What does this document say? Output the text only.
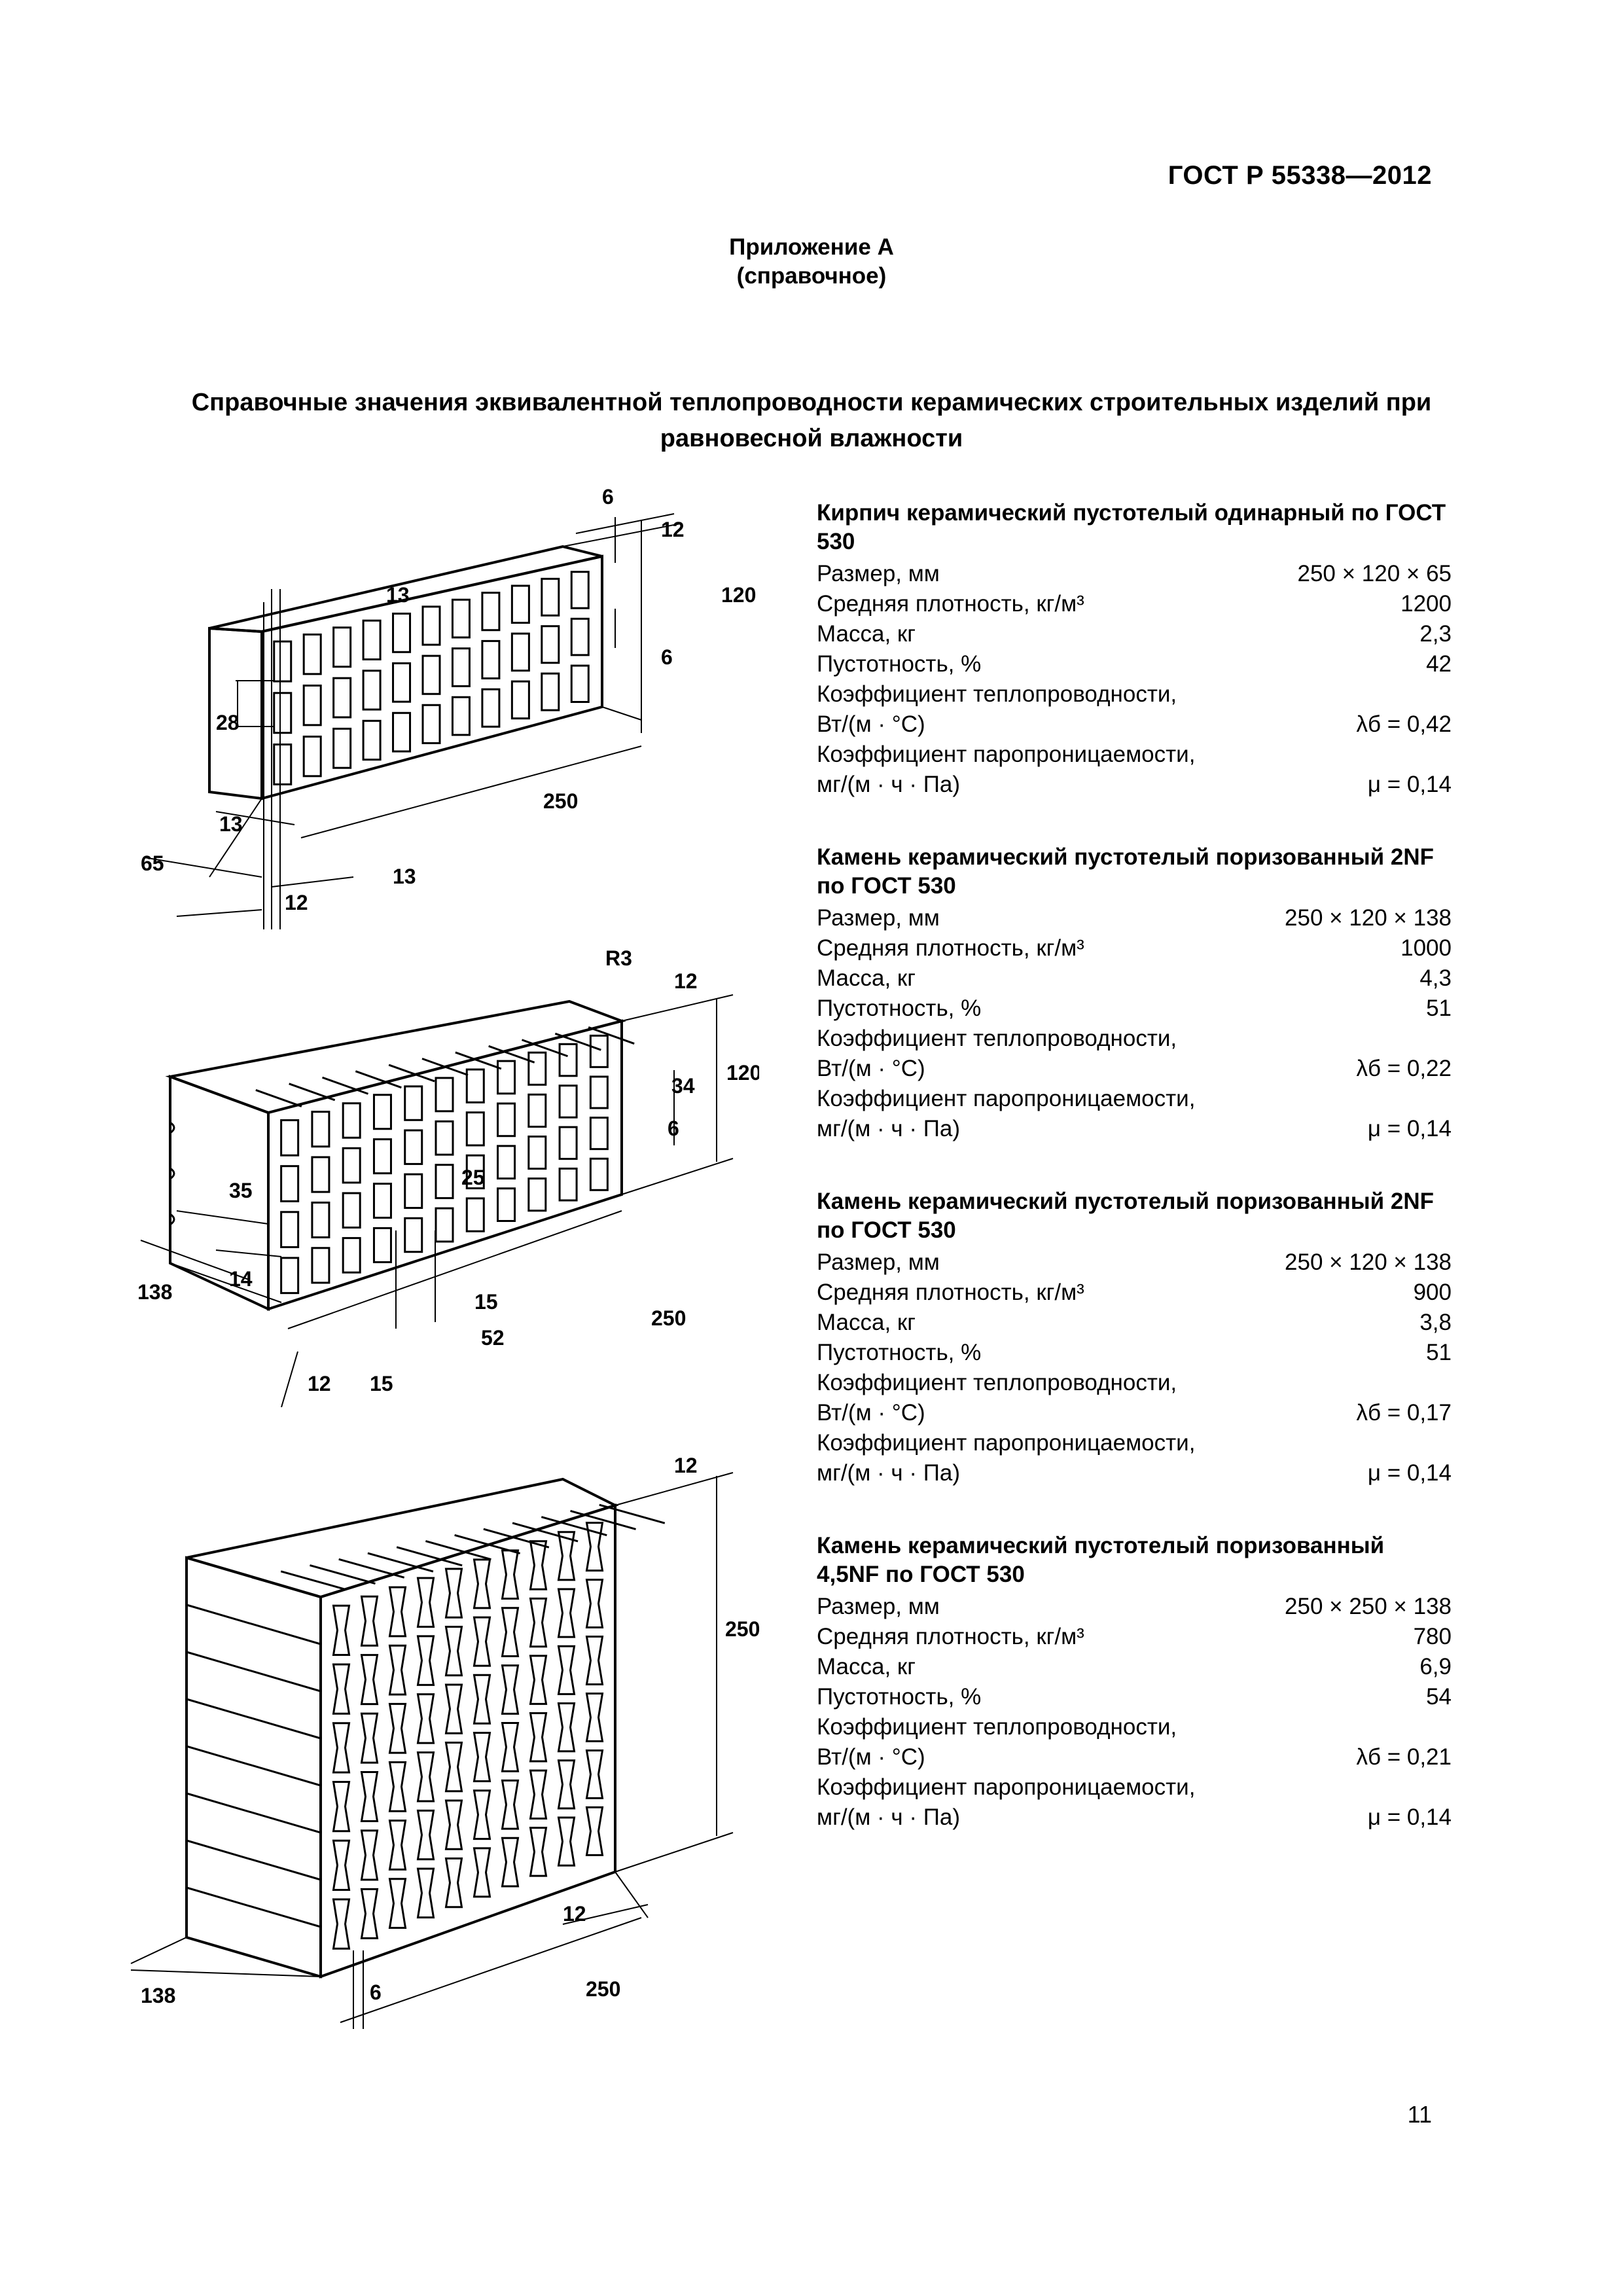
ГОСТ Р 55338—2012
Приложение А
(справочное)
Справочные значения эквивалентной теплопроводности керамических строительных изделий при равновесной влажности
6
12
13	120
6
28
250
13
13
65
12
R3
12
120
34
6
35
25
14
15
138
52
250
12 15
12
250
12
138	6	250
Кирпич керамический пустотелый одинарный по ГОСТ 530
Размер, мм	250 × 120 × 65
Средняя плотность, кг/м³	1200
Масса, кг	2,3
Пустотность, %	42
Коэффициент теплопроводности,
Вт/(м · °С)	λб = 0,42
Коэффициент паропроницаемости,
мг/(м · ч · Па)	μ = 0,14
Камень керамический пустотелый поризованный 2NF по ГОСТ 530
Размер, мм	250 × 120 × 138
Средняя плотность, кг/м³	1000
Масса, кг	4,3
Пустотность, %	51
Коэффициент теплопроводности,
Вт/(м · °С)	λб = 0,22
Коэффициент паропроницаемости,
мг/(м · ч · Па)	μ = 0,14
Камень керамический пустотелый поризованный 2NF по ГОСТ 530
Размер, мм	250 × 120 × 138
Средняя плотность, кг/м³	900
Масса, кг	3,8
Пустотность, %	51
Коэффициент теплопроводности,
Вт/(м · °С)	λб = 0,17
Коэффициент паропроницаемости,
мг/(м · ч · Па)	μ = 0,14
Камень керамический пустотелый поризованный 4,5NF по ГОСТ 530
Размер, мм	250 × 250 × 138
Средняя плотность, кг/м³	780
Масса, кг	6,9
Пустотность, %	54
Коэффициент теплопроводности,
Вт/(м · °С)	λб = 0,21
Коэффициент паропроницаемости,
мг/(м · ч · Па)	μ = 0,14
11
